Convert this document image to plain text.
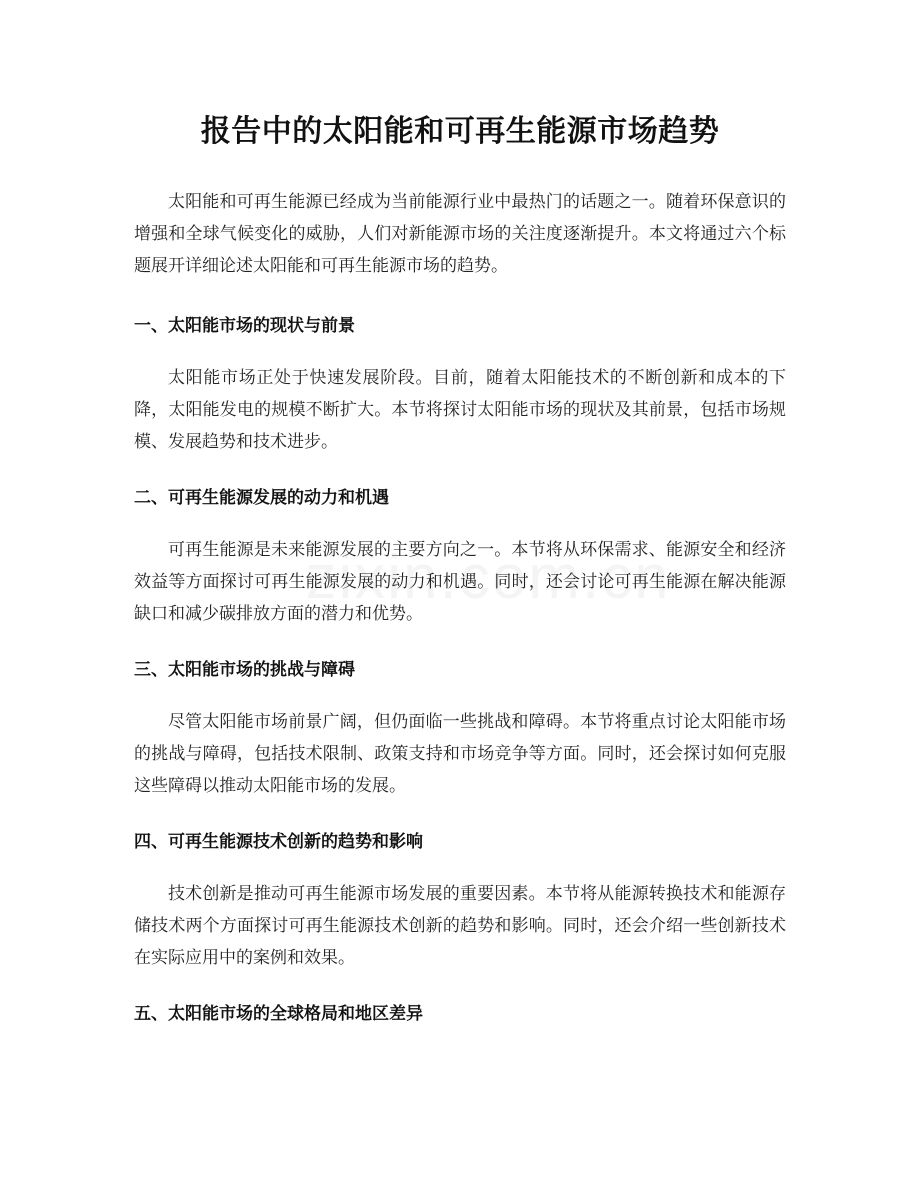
报告中的太阳能和可再生能源市场趋势

太阳能和可再生能源已经成为当前能源行业中最热门的话题之一。随着环保意识的增强和全球气候变化的威胁，人们对新能源市场的关注度逐渐提升。本文将通过六个标题展开详细论述太阳能和可再生能源市场的趋势。

一、太阳能市场的现状与前景

太阳能市场正处于快速发展阶段。目前，随着太阳能技术的不断创新和成本的下降，太阳能发电的规模不断扩大。本节将探讨太阳能市场的现状及其前景，包括市场规模、发展趋势和技术进步。

二、可再生能源发展的动力和机遇

可再生能源是未来能源发展的主要方向之一。本节将从环保需求、能源安全和经济效益等方面探讨可再生能源发展的动力和机遇。同时，还会讨论可再生能源在解决能源缺口和减少碳排放方面的潜力和优势。

三、太阳能市场的挑战与障碍

尽管太阳能市场前景广阔，但仍面临一些挑战和障碍。本节将重点讨论太阳能市场的挑战与障碍，包括技术限制、政策支持和市场竞争等方面。同时，还会探讨如何克服这些障碍以推动太阳能市场的发展。

四、可再生能源技术创新的趋势和影响

技术创新是推动可再生能源市场发展的重要因素。本节将从能源转换技术和能源存储技术两个方面探讨可再生能源技术创新的趋势和影响。同时，还会介绍一些创新技术在实际应用中的案例和效果。

五、太阳能市场的全球格局和地区差异
